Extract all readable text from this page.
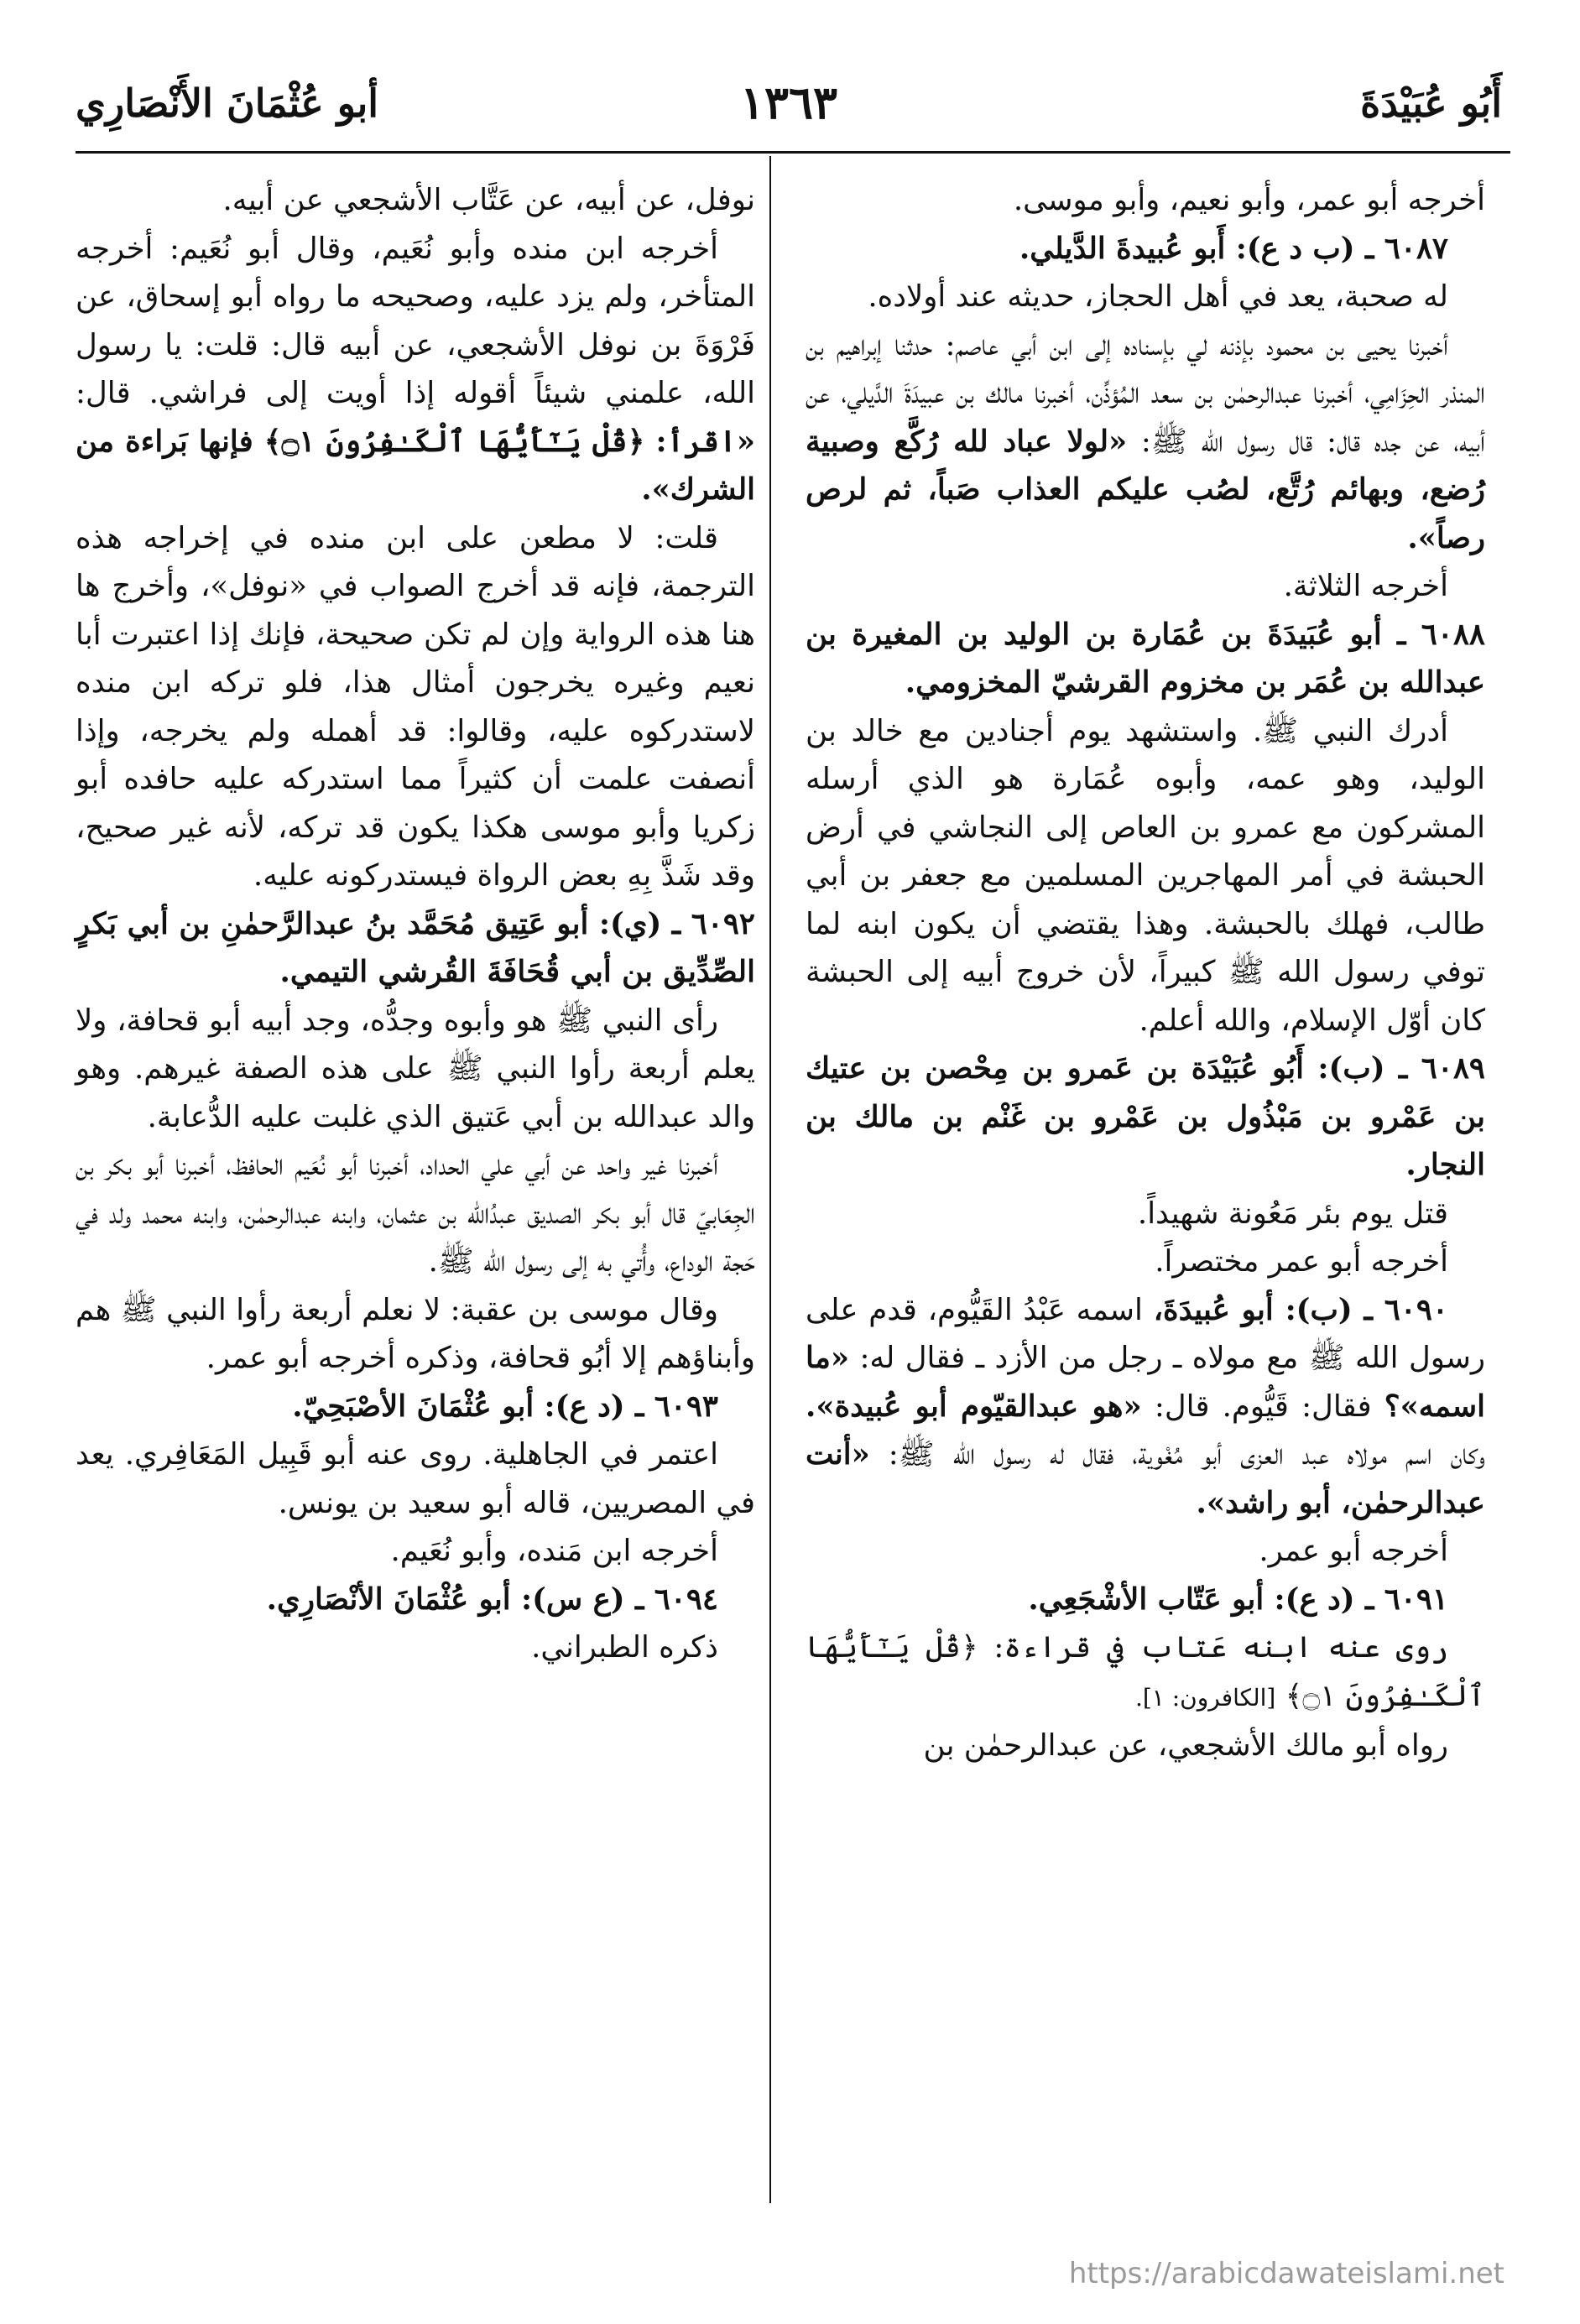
أَبُو عُبَيْدَةَ
١٣٦٣
أبو عُثْمَانَ الأَنْصَارِي

أخرجه أبو عمر، وأبو نعيم، وأبو موسى.

٦٠٨٧ ـ (ب د ع): أَبو عُبيدةَ الدَّيلي.

له صحبة، يعد في أهل الحجاز، حديثه عند أولاده.

أخبرنا يحيى بن محمود بإذنه لي بإسناده إلى ابن أبي عاصم: حدثنا إبراهيم بن المنذر الحِزَامِي، أخبرنا عبدالرحمٰن بن سعد المُؤذِّن، أخبرنا مالك بن عبيدَةَ الدَّيلي، عن أبيه، عن جده قال: قال رسول الله ﷺ: «لولا عباد لله رُكَّع وصبية رُضع، وبهائم رُتَّع، لصُب عليكم العذاب صَباً، ثم لرص رصاً».

أخرجه الثلاثة.

٦٠٨٨ ـ أبو عُبَيدَةَ بن عُمَارة بن الوليد بن المغيرة بن عبدالله بن عُمَر بن مخزوم القرشيّ المخزومي.

أدرك النبي ﷺ. واستشهد يوم أجنادين مع خالد بن الوليد، وهو عمه، وأبوه عُمَارة هو الذي أرسله المشركون مع عمرو بن العاص إلى النجاشي في أرض الحبشة في أمر المهاجرين المسلمين مع جعفر بن أبي طالب، فهلك بالحبشة. وهذا يقتضي أن يكون ابنه لما توفي رسول الله ﷺ كبيراً، لأن خروج أبيه إلى الحبشة كان أوّل الإسلام، والله أعلم.

٦٠٨٩ ـ (ب): أَبُو عُبَيْدَة بن عَمرو بن مِحْصن بن عتيك بن عَمْرو بن مَبْذُول بن عَمْرو بن غَنْم بن مالك بن النجار.

قتل يوم بئر مَعُونة شهيداً.

أخرجه أبو عمر مختصراً.

٦٠٩٠ ـ (ب): أبو عُبيدَةَ، اسمه عَبْدُ القَيُّوم، قدم على رسول الله ﷺ مع مولاه ـ رجل من الأزد ـ فقال له: «ما اسمه»؟ فقال: قَيُّوم. قال: «هو عبدالقيّوم أبو عُبيدة». وكان اسم مولاه عبد العزى أبو مُغْوية، فقال له رسول الله ﷺ: «أنت عبدالرحمٰن، أبو راشد».

أخرجه أبو عمر.

٦٠٩١ ـ (د ع): أبو عَتّاب الأشْجَعِي.

روى عنه ابنه عَتاب في قراءة: ﴿قُلْ يَـٰٓأَيُّهَا ٱلْكَـٰفِرُونَ ۝١﴾ [الكافرون: ١].

رواه أبو مالك الأشجعي، عن عبدالرحمٰن بن

نوفل، عن أبيه، عن عَتَّاب الأشجعي عن أبيه.

أخرجه ابن منده وأبو نُعَيم، وقال أبو نُعَيم: أخرجه المتأخر، ولم يزد عليه، وصحيحه ما رواه أبو إسحاق، عن فَرْوَةَ بن نوفل الأشجعي، عن أبيه قال: قلت: يا رسول الله، علمني شيئاً أقوله إذا أويت إلى فراشي. قال: «اقرأ: ﴿قُلْ يَـٰٓأَيُّهَا ٱلْكَـٰفِرُونَ ۝١﴾ فإنها بَراءة من الشرك».

قلت: لا مطعن على ابن منده في إخراجه هذه الترجمة، فإنه قد أخرج الصواب في «نوفل»، وأخرج ها هنا هذه الرواية وإن لم تكن صحيحة، فإنك إذا اعتبرت أبا نعيم وغيره يخرجون أمثال هذا، فلو تركه ابن منده لاستدركوه عليه، وقالوا: قد أهمله ولم يخرجه، وإذا أنصفت علمت أن كثيراً مما استدركه عليه حافده أبو زكريا وأبو موسى هكذا يكون قد تركه، لأنه غير صحيح، وقد شَذَّ بِهِ بعض الرواة فيستدركونه عليه.

٦٠٩٢ ـ (ي): أبو عَتِيق مُحَمَّد بنُ عبدالرَّحمٰنِ بن أبي بَكرٍ الصِّدِّيق بن أبي قُحَافَةَ القُرشي التيمي.

رأى النبي ﷺ هو وأبوه وجدُّه، وجد أبيه أبو قحافة، ولا يعلم أربعة رأوا النبي ﷺ على هذه الصفة غيرهم. وهو والد عبدالله بن أبي عَتيق الذي غلبت عليه الدُّعابة.

أخبرنا غير واحد عن أبي علي الحداد، أخبرنا أبو نُعَيم الحافظ، أخبرنا أبو بكر بن الجِعَابيّ قال أبو بكر الصديق عبدُالله بن عثمان، وابنه عبدالرحمٰن، وابنه محمد ولد في حَجة الوداع، وأُتي به إلى رسول الله ﷺ.

وقال موسى بن عقبة: لا نعلم أربعة رأوا النبي ﷺ هم وأبناؤهم إلا أبُو قحافة، وذكره أخرجه أبو عمر.

٦٠٩٣ ـ (د ع): أبو عُثْمَانَ الأصْبَحِيّ.

اعتمر في الجاهلية. روى عنه أبو قَبِيل المَعَافِري. يعد في المصريين، قاله أبو سعيد بن يونس.

أخرجه ابن مَنده، وأبو نُعَيم.

٦٠٩٤ ـ (ع س): أبو عُثْمَانَ الأنْصَارِي.

ذكره الطبراني.

https://arabicdawateislami.net
